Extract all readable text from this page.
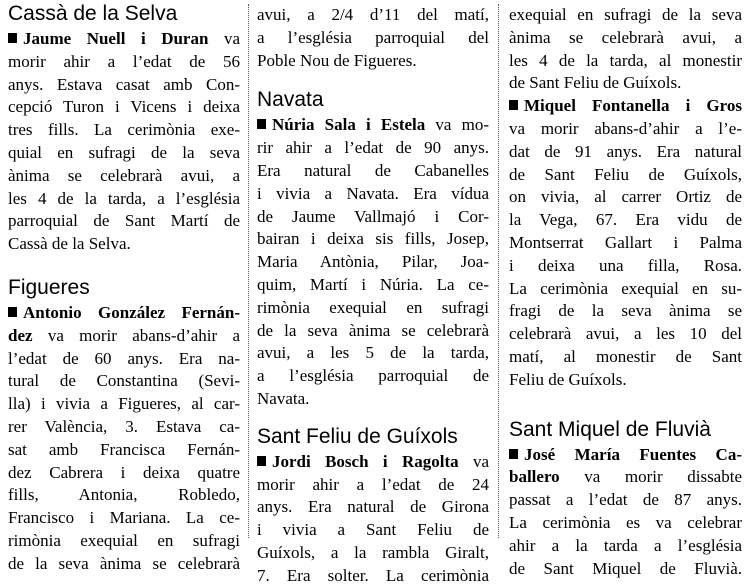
Cassà de la Selva
Jaume Nuell i Duran va
morir ahir a l’edat de 56
anys. Estava casat amb Con-
cepció Turon i Vicens i deixa
tres fills. La cerimònia exe-
quial en sufragi de la seva
ànima se celebrarà avui, a
les 4 de la tarda, a l’església
parroquial de Sant Martí de
Cassà de la Selva.
Figueres
Antonio González Fernán-
dez va morir abans-d’ahir a
l’edat de 60 anys. Era na-
tural de Constantina (Sevi-
lla) i vivia a Figueres, al car-
rer València, 3. Estava ca-
sat amb Francisca Fernán-
dez Cabrera i deixa quatre
fills, Antonia, Robledo,
Francisco i Mariana. La ce-
rimònia exequial en sufragi
de la seva ànima se celebrarà
avui, a 2/4 d’11 del matí,
a l’església parroquial del
Poble Nou de Figueres.
Navata
Núria Sala i Estela va mo-
rir ahir a l’edat de 90 anys.
Era natural de Cabanelles
i vivia a Navata. Era vídua
de Jaume Vallmajó i Cor-
bairan i deixa sis fills, Josep,
Maria Antònia, Pilar, Joa-
quim, Martí i Núria. La ce-
rimònia exequial en sufragi
de la seva ànima se celebrarà
avui, a les 5 de la tarda,
a l’església parroquial de
Navata.
Sant Feliu de Guíxols
Jordi Bosch i Ragolta va
morir ahir a l’edat de 24
anys. Era natural de Girona
i vivia a Sant Feliu de
Guíxols, a la rambla Giralt,
7. Era solter. La cerimònia
exequial en sufragi de la seva
ànima se celebrarà avui, a
les 4 de la tarda, al monestir
de Sant Feliu de Guíxols.
Miquel Fontanella i Gros
va morir abans-d’ahir a l’e-
dat de 91 anys. Era natural
de Sant Feliu de Guíxols,
on vivia, al carrer Ortiz de
la Vega, 67. Era vidu de
Montserrat Gallart i Palma
i deixa una filla, Rosa.
La cerimònia exequial en su-
fragi de la seva ànima se
celebrarà avui, a les 10 del
matí, al monestir de Sant
Feliu de Guíxols.
Sant Miquel de Fluvià
José María Fuentes Ca-
ballero va morir dissabte
passat a l’edat de 87 anys.
La cerimònia es va celebrar
ahir a la tarda a l’església
de Sant Miquel de Fluvià.
